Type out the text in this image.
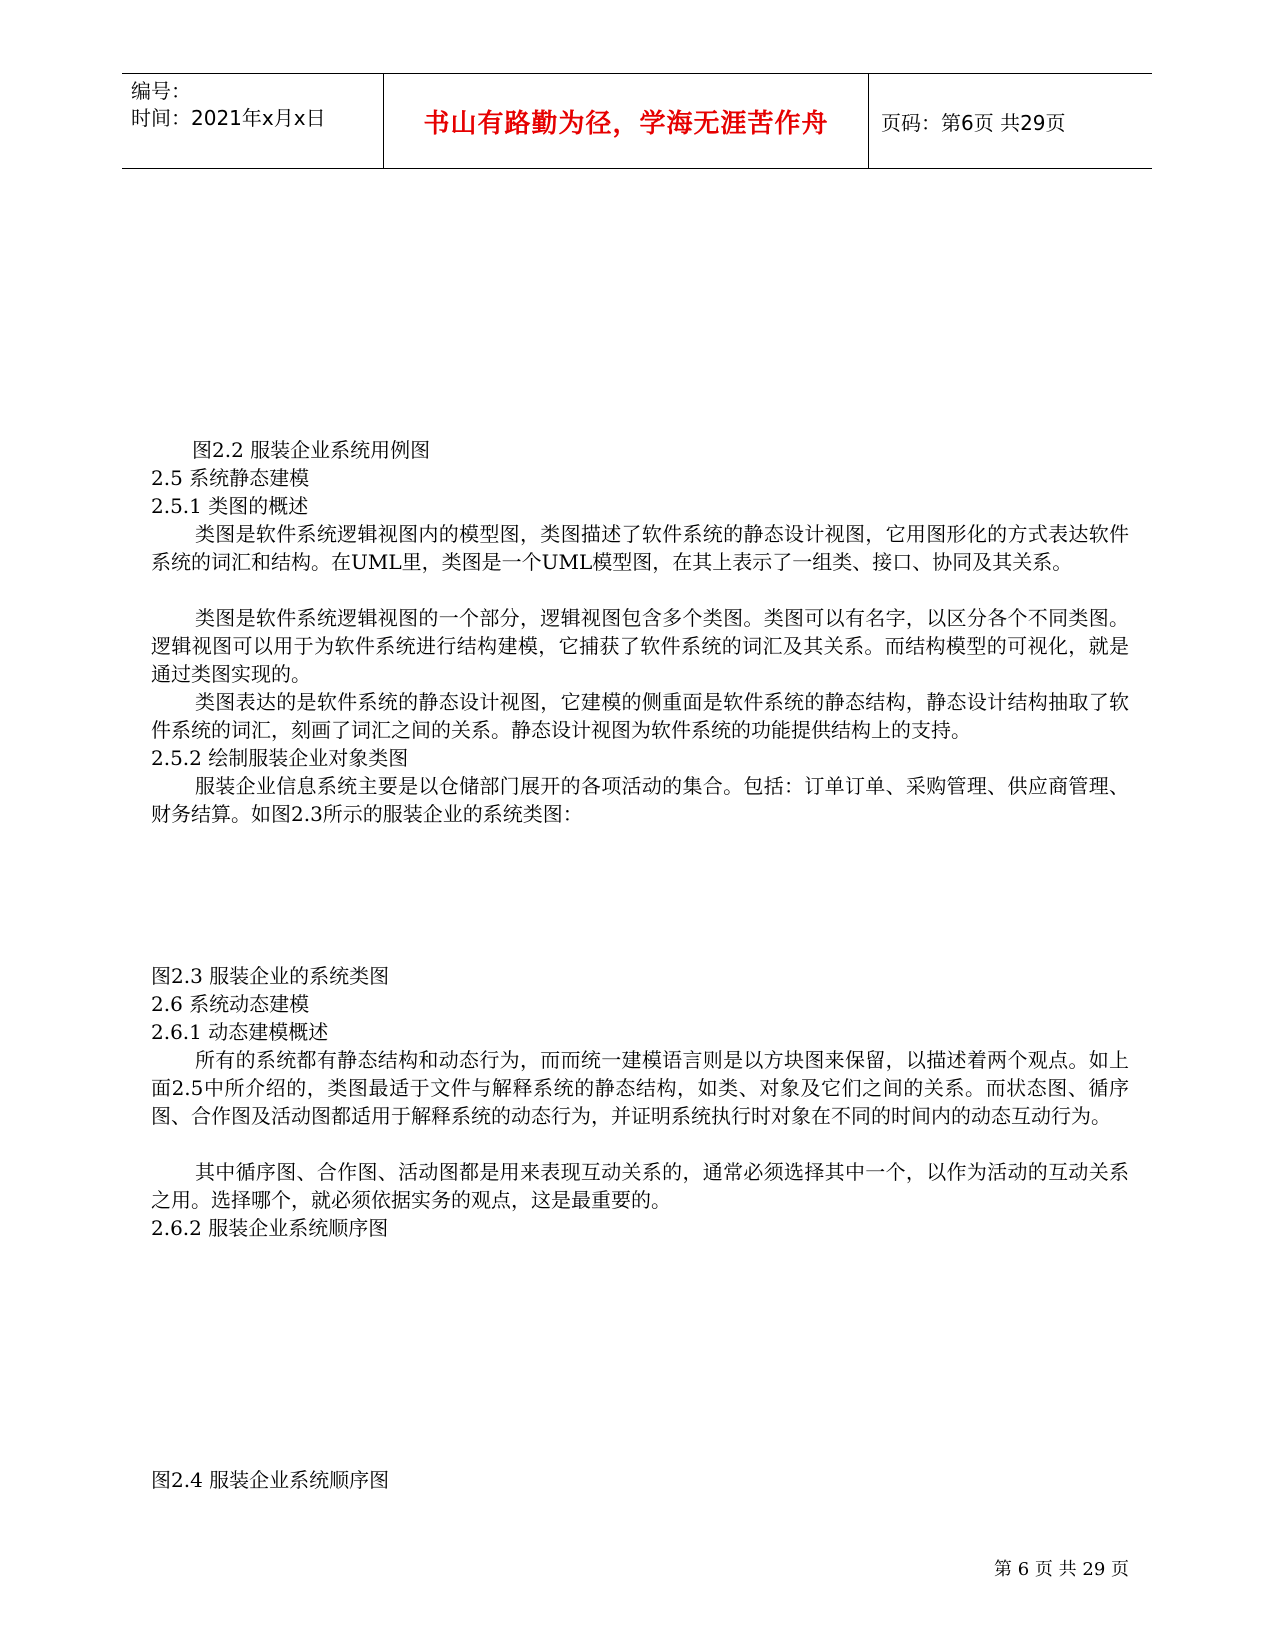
编号：
时间：2021年x月x日	书山有路勤为径，学海无涯苦作舟	页码：第6页 共29页
图2.2 服装企业系统用例图
2.5 系统静态建模
2.5.1 类图的概述
类图是软件系统逻辑视图内的模型图，类图描述了软件系统的静态设计视图，它用图形化的方式表达软件系统的词汇和结构。在UML里，类图是一个UML模型图，在其上表示了一组类、接口、协同及其关系。
类图是软件系统逻辑视图的一个部分，逻辑视图包含多个类图。类图可以有名字，以区分各个不同类图。逻辑视图可以用于为软件系统进行结构建模，它捕获了软件系统的词汇及其关系。而结构模型的可视化，就是通过类图实现的。
类图表达的是软件系统的静态设计视图，它建模的侧重面是软件系统的静态结构，静态设计结构抽取了软件系统的词汇，刻画了词汇之间的关系。静态设计视图为软件系统的功能提供结构上的支持。
2.5.2 绘制服装企业对象类图
服装企业信息系统主要是以仓储部门展开的各项活动的集合。包括：订单订单、采购管理、供应商管理、财务结算。如图2.3所示的服装企业的系统类图：
图2.3 服装企业的系统类图
2.6 系统动态建模
2.6.1 动态建模概述
所有的系统都有静态结构和动态行为，而而统一建模语言则是以方块图来保留，以描述着两个观点。如上面2.5中所介绍的，类图最适于文件与解释系统的静态结构，如类、对象及它们之间的关系。而状态图、循序图、合作图及活动图都适用于解释系统的动态行为，并证明系统执行时对象在不同的时间内的动态互动行为。
其中循序图、合作图、活动图都是用来表现互动关系的，通常必须选择其中一个，以作为活动的互动关系之用。选择哪个，就必须依据实务的观点，这是最重要的。
2.6.2 服装企业系统顺序图
图2.4 服装企业系统顺序图
第 6 页 共 29 页
